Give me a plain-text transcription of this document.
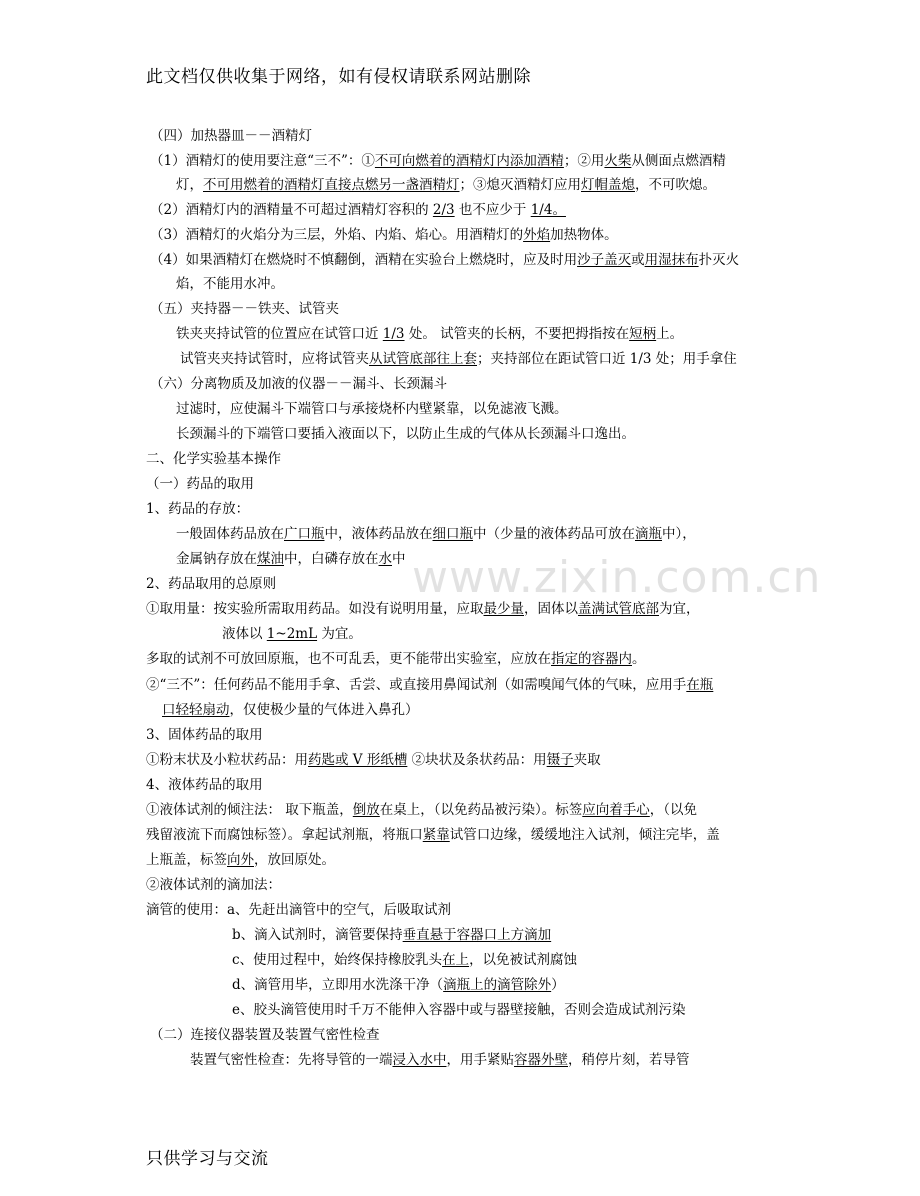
www.zixin.com.cn
此文档仅供收集于网络，如有侵权请联系网站删除
（四）加热器皿－－酒精灯
（1）酒精灯的使用要注意“三不”：①不可向燃着的酒精灯内添加酒精；②用火柴从侧面点燃酒精
灯，不可用燃着的酒精灯直接点燃另一盏酒精灯；③熄灭酒精灯应用灯帽盖熄，不可吹熄。
（2）酒精灯内的酒精量不可超过酒精灯容积的 2/3 也不应少于 1/4。
（3）酒精灯的火焰分为三层，外焰、内焰、焰心。用酒精灯的外焰加热物体。
（4）如果酒精灯在燃烧时不慎翻倒，酒精在实验台上燃烧时，应及时用沙子盖灭或用湿抹布扑灭火
焰，不能用水冲。
（五）夹持器－－铁夹、试管夹
铁夹夹持试管的位置应在试管口近 1/3 处。 试管夹的长柄，不要把拇指按在短柄上。
试管夹夹持试管时，应将试管夹从试管底部往上套；夹持部位在距试管口近 1/3 处；用手拿住
（六）分离物质及加液的仪器－－漏斗、长颈漏斗
过滤时，应使漏斗下端管口与承接烧杯内壁紧靠，以免滤液飞溅。
长颈漏斗的下端管口要插入液面以下，以防止生成的气体从长颈漏斗口逸出。
二、化学实验基本操作
（一）药品的取用
1、药品的存放：
一般固体药品放在广口瓶中，液体药品放在细口瓶中（少量的液体药品可放在滴瓶中），
金属钠存放在煤油中，白磷存放在水中
2、药品取用的总原则
①取用量：按实验所需取用药品。如没有说明用量，应取最少量，固体以盖满试管底部为宜，
液体以 1~2mL 为宜。
多取的试剂不可放回原瓶，也不可乱丢，更不能带出实验室，应放在指定的容器内。
②“三不”：任何药品不能用手拿、舌尝、或直接用鼻闻试剂（如需嗅闻气体的气味，应用手在瓶
口轻轻扇动，仅使极少量的气体进入鼻孔）
3、固体药品的取用
①粉末状及小粒状药品：用药匙或 V 形纸槽 ②块状及条状药品：用镊子夹取
4、液体药品的取用
①液体试剂的倾注法： 取下瓶盖，倒放在桌上，（以免药品被污染）。标签应向着手心，（以免
残留液流下而腐蚀标签）。拿起试剂瓶，将瓶口紧靠试管口边缘，缓缓地注入试剂，倾注完毕，盖
上瓶盖，标签向外，放回原处。
②液体试剂的滴加法：
滴管的使用：a、先赶出滴管中的空气，后吸取试剂
b、滴入试剂时，滴管要保持垂直悬于容器口上方滴加
c、使用过程中，始终保持橡胶乳头在上，以免被试剂腐蚀
d、滴管用毕，立即用水洗涤干净（滴瓶上的滴管除外）
e、胶头滴管使用时千万不能伸入容器中或与器壁接触，否则会造成试剂污染
（二）连接仪器装置及装置气密性检查
装置气密性检查：先将导管的一端浸入水中，用手紧贴容器外壁，稍停片刻，若导管
只供学习与交流
